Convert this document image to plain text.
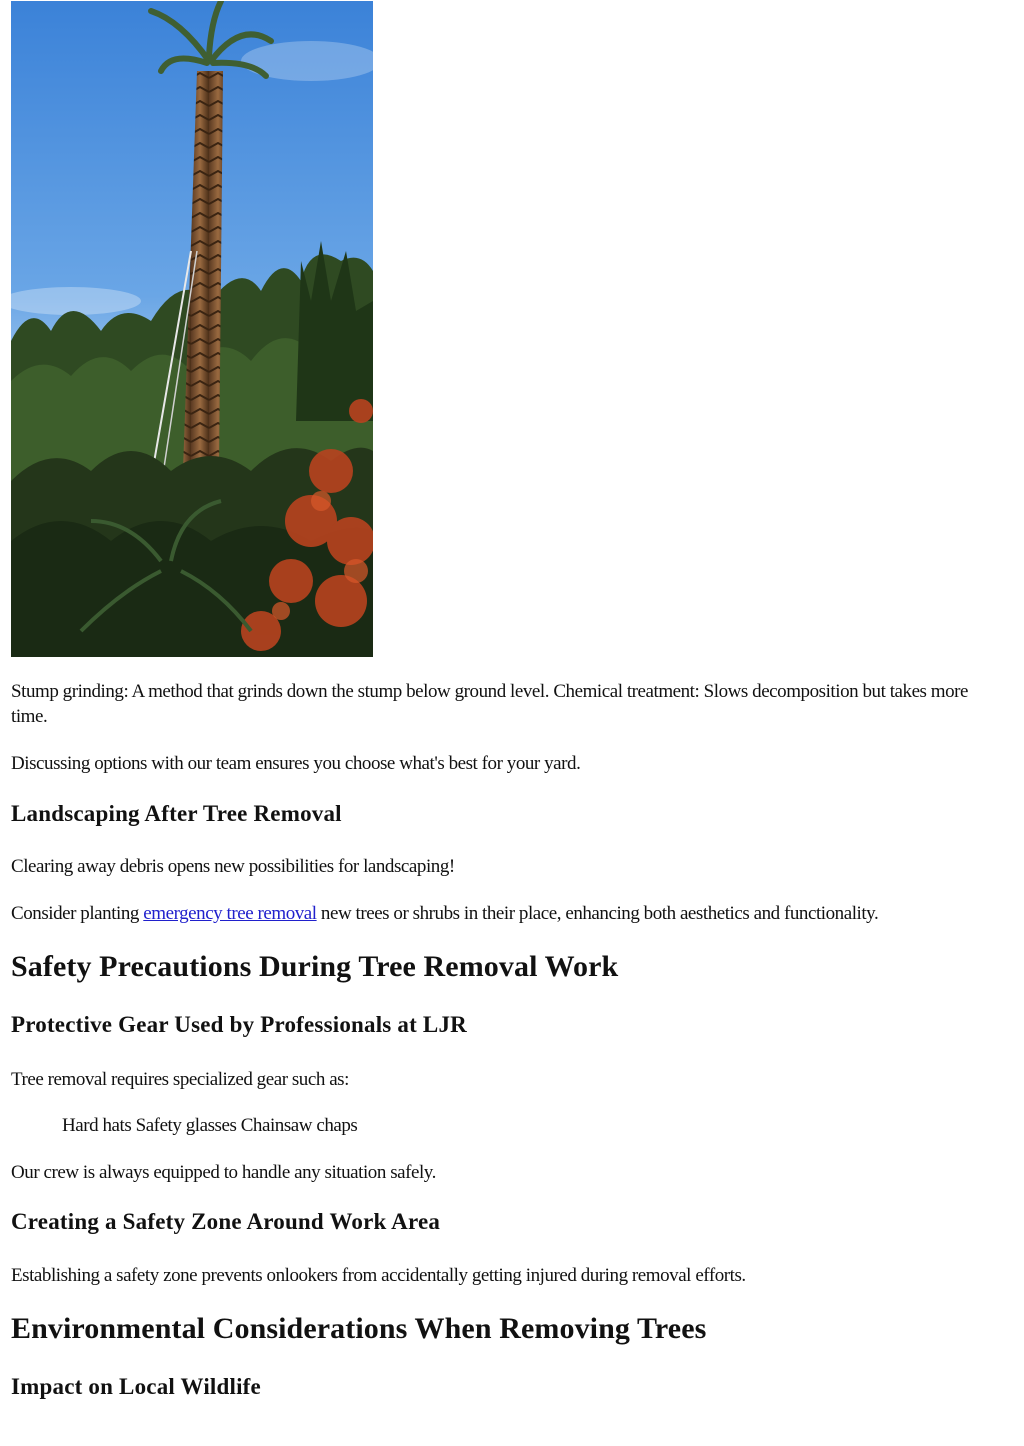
Stump grinding: A method that grinds down the stump below ground level. Chemical treatment: Slows decomposition but takes more time.

Discussing options with our team ensures you choose what's best for your yard.

Landscaping After Tree Removal

Clearing away debris opens new possibilities for landscaping!

Consider planting emergency tree removal new trees or shrubs in their place, enhancing both aesthetics and functionality.

Safety Precautions During Tree Removal Work
Protective Gear Used by Professionals at LJR

Tree removal requires specialized gear such as:

Hard hats Safety glasses Chainsaw chaps

Our crew is always equipped to handle any situation safely.

Creating a Safety Zone Around Work Area

Establishing a safety zone prevents onlookers from accidentally getting injured during removal efforts.

Environmental Considerations When Removing Trees
Impact on Local Wildlife
